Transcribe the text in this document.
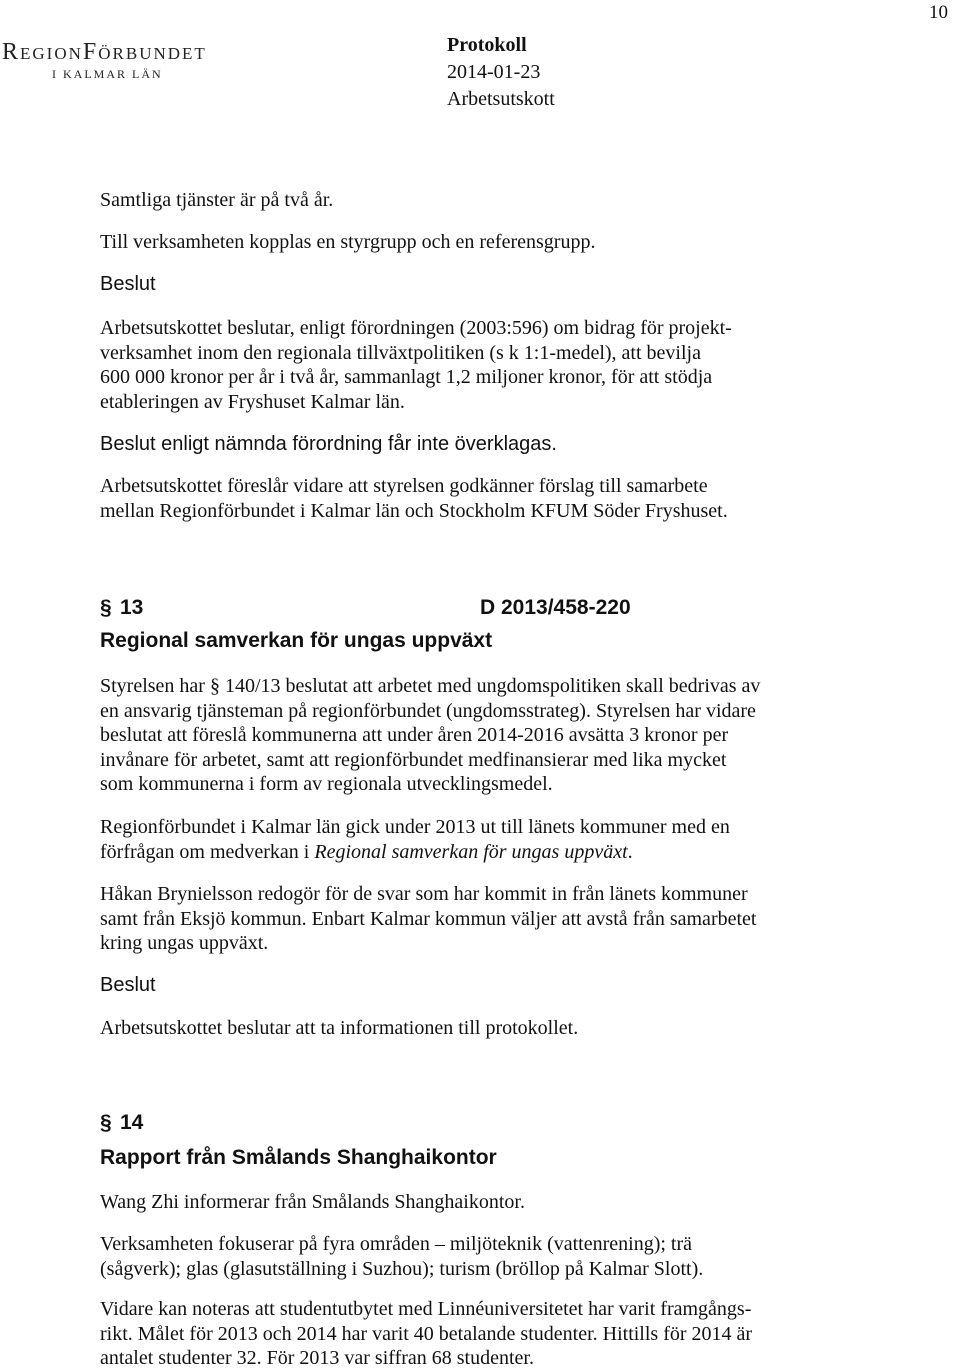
10
REGIONFÖRBUNDET
I KALMAR LÄN
Protokoll
2014-01-23
Arbetsutskott

Samtliga tjänster är på två år.

Till verksamheten kopplas en styrgrupp och en referensgrupp.

Beslut

Arbetsutskottet beslutar, enligt förordningen (2003:596) om bidrag för projekt-

verksamhet inom den regionala tillväxtpolitiken (s k 1:1-medel), att bevilja

600 000 kronor per år i två år, sammanlagt 1,2 miljoner kronor, för att stödja

etableringen av Fryshuset Kalmar län.

Beslut enligt nämnda förordning får inte överklagas.

Arbetsutskottet föreslår vidare att styrelsen godkänner förslag till samarbete

mellan Regionförbundet i Kalmar län och Stockholm KFUM Söder Fryshuset.

§ 13	D 2013/458-220
Regional samverkan för ungas uppväxt

Styrelsen har § 140/13 beslutat att arbetet med ungdomspolitiken skall bedrivas av

en ansvarig tjänsteman på regionförbundet (ungdomsstrateg). Styrelsen har vidare

beslutat att föreslå kommunerna att under åren 2014-2016 avsätta 3 kronor per

invånare för arbetet, samt att regionförbundet medfinansierar med lika mycket

som kommunerna i form av regionala utvecklingsmedel.

Regionförbundet i Kalmar län gick under 2013 ut till länets kommuner med en

förfrågan om medverkan i Regional samverkan för ungas uppväxt.

Håkan Brynielsson redogör för de svar som har kommit in från länets kommuner

samt från Eksjö kommun. Enbart Kalmar kommun väljer att avstå från samarbetet

kring ungas uppväxt.

Beslut

Arbetsutskottet beslutar att ta informationen till protokollet.

§ 14
Rapport från Smålands Shanghaikontor

Wang Zhi informerar från Smålands Shanghaikontor.

Verksamheten fokuserar på fyra områden – miljöteknik (vattenrening); trä

(sågverk); glas (glasutställning i Suzhou); turism (bröllop på Kalmar Slott).

Vidare kan noteras att studentutbytet med Linnéuniversitetet har varit framgångs-

rikt. Målet för 2013 och 2014 har varit 40 betalande studenter. Hittills för 2014 är

antalet studenter 32. För 2013 var siffran 68 studenter.
